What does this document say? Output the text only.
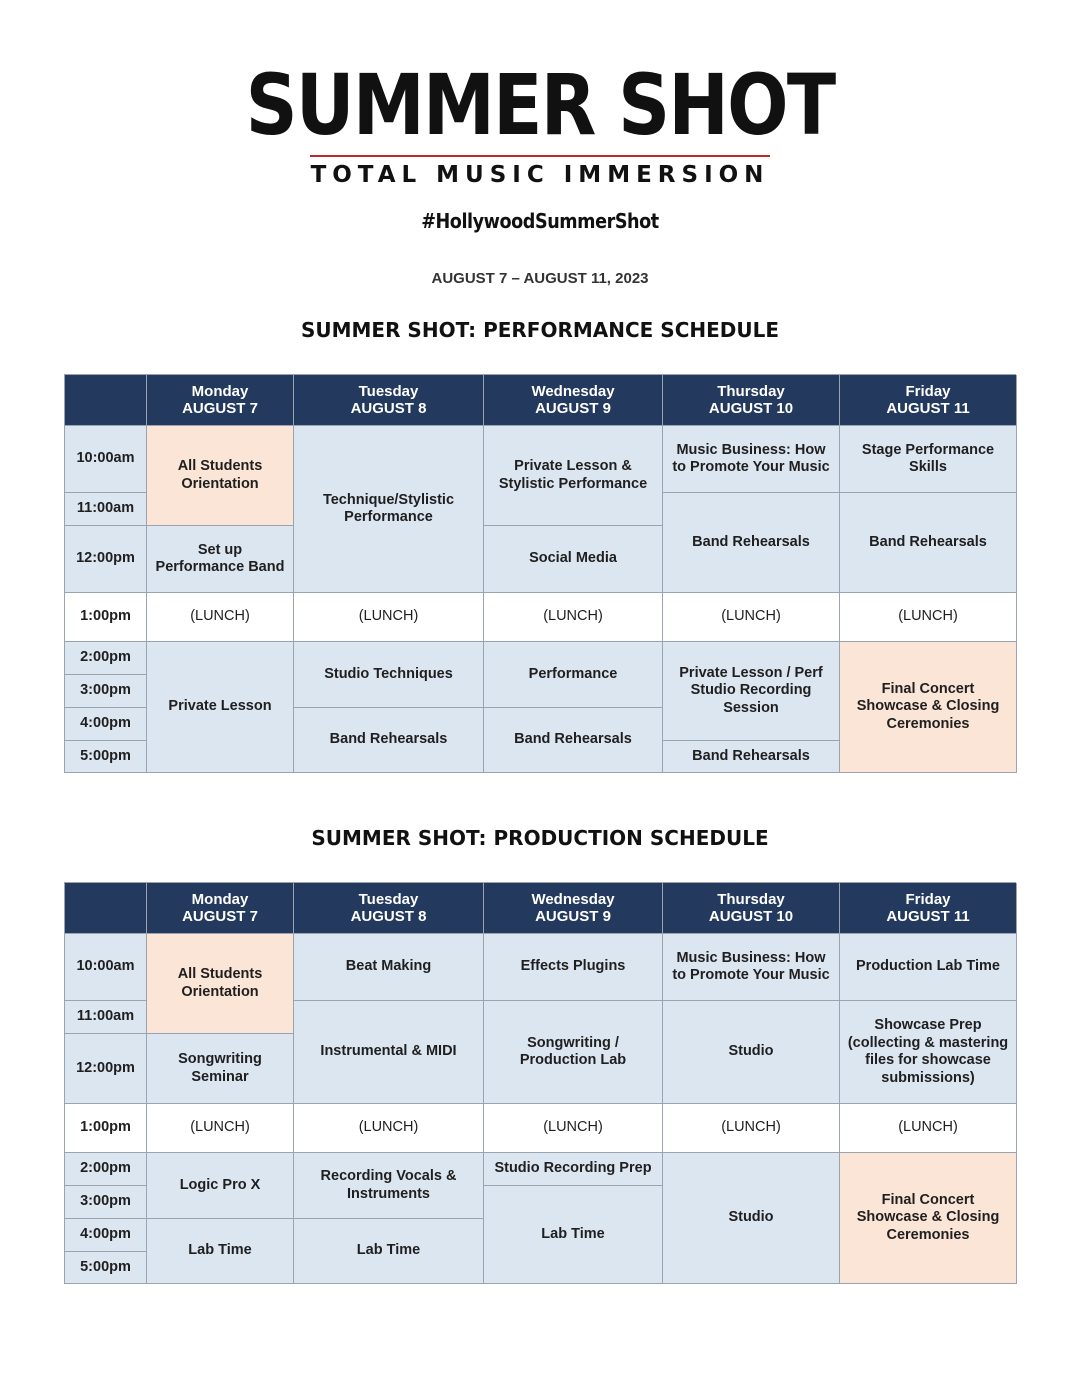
SUMMER SHOT
TOTAL MUSIC IMMERSION
#HollywoodSummerShot
AUGUST 7 – AUGUST 11, 2023
SUMMER SHOT: PERFORMANCE SCHEDULE
Monday
AUGUST 7
Tuesday
AUGUST 8
Wednesday
AUGUST 9
Thursday
AUGUST 10
Friday
AUGUST 11
10:00am
11:00am
12:00pm
1:00pm
2:00pm
3:00pm
4:00pm
5:00pm
All Students Orientation
Set up Performance Band
(LUNCH)
Private Lesson
Technique/Stylistic Performance
(LUNCH)
Studio Techniques
Band Rehearsals
Private Lesson & Stylistic Performance
Social Media
(LUNCH)
Performance
Band Rehearsals
Music Business: How to Promote Your Music
Band Rehearsals
(LUNCH)
Private Lesson / Perf Studio Recording Session
Band Rehearsals
Stage Performance Skills
Band Rehearsals
(LUNCH)
Final Concert Showcase & Closing Ceremonies
SUMMER SHOT: PRODUCTION SCHEDULE
Monday
AUGUST 7
Tuesday
AUGUST 8
Wednesday
AUGUST 9
Thursday
AUGUST 10
Friday
AUGUST 11
10:00am
11:00am
12:00pm
1:00pm
2:00pm
3:00pm
4:00pm
5:00pm
All Students Orientation
Songwriting Seminar
(LUNCH)
Logic Pro X
Lab Time
Beat Making
Instrumental & MIDI
(LUNCH)
Recording Vocals & Instruments
Lab Time
Effects Plugins
Songwriting / Production Lab
(LUNCH)
Studio Recording Prep
Lab Time
Music Business: How to Promote Your Music
Studio
(LUNCH)
Studio
Production Lab Time
Showcase Prep (collecting & mastering files for showcase submissions)
(LUNCH)
Final Concert Showcase & Closing Ceremonies
